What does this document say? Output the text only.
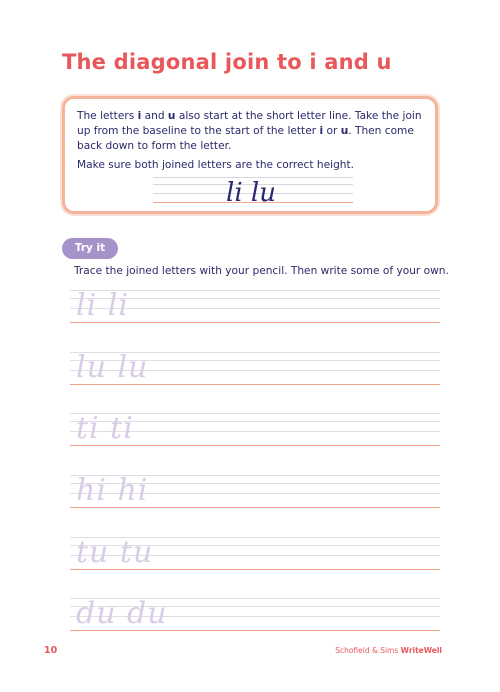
The diagonal join to i and u

The letters i and u also start at the short letter line. Take the join up from the baseline to the start of the letter i or u. Then come back down to form the letter.

Make sure both joined letters are the correct height.

li lu
Try it

Trace the joined letters with your pencil. Then write some of your own.

li li
lu lu
ti ti
hi hi
tu tu
du du
10	Schofield & Sims WriteWell
